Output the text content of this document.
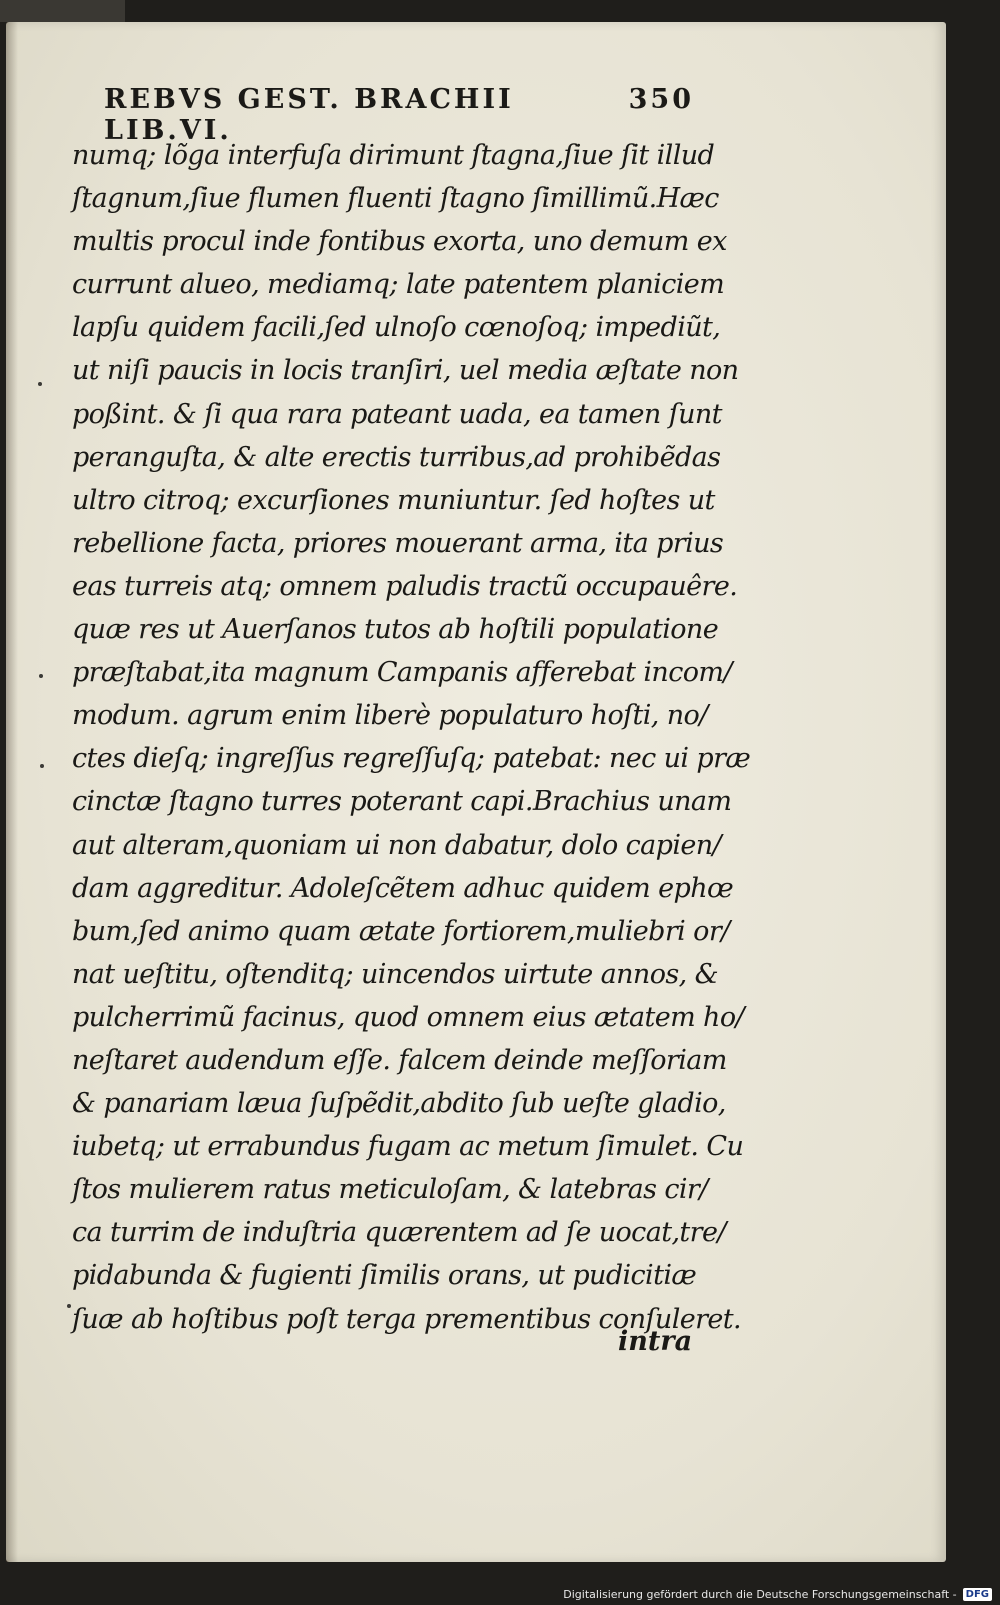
REBVS GEST. BRACHII LIB.VI.
350
numq; lõga interfuſa dirimunt ſtagna,ſiue ſit illud
ſtagnum,ſiue flumen fluenti ſtagno ſimillimũ.Hæc
multis procul inde fontibus exorta, uno demum ex
currunt alueo, mediamq; late patentem planiciem
lapſu quidem facili,ſed ulnoſo cœnoſoq; impediũt,
ut niſi paucis in locis tranſiri, uel media æſtate non
poßint. & ſi qua rara pateant uada, ea tamen ſunt
peranguſta, & alte erectis turribus,ad prohibẽdas
ultro citroq; excurſiones muniuntur. ſed hoſtes ut
rebellione facta, priores mouerant arma, ita prius
eas turreis atq; omnem paludis tractũ occupauêre.
quæ res ut Auerſanos tutos ab hoſtili populatione
præſtabat,ita magnum Campanis afferebat incom/
modum. agrum enim liberè populaturo hoſti, no/
ctes dieſq; ingreſſus regreſſuſq; patebat: nec ui præ
cinctæ ſtagno turres poterant capi.Brachius unam
aut alteram,quoniam ui non dabatur, dolo capien/
dam aggreditur. Adoleſcẽtem adhuc quidem ephœ
bum,ſed animo quam ætate fortiorem,muliebri or/
nat ueſtitu, oſtenditq; uincendos uirtute annos, &
pulcherrimũ facinus, quod omnem eius ætatem ho/
neſtaret audendum eſſe. falcem deinde meſſoriam
& panariam læua ſuſpẽdit,abdito ſub ueſte gladio,
iubetq; ut errabundus fugam ac metum ſimulet. Cu
ſtos mulierem ratus meticuloſam, & latebras cir/
ca turrim de induſtria quærentem ad ſe uocat,tre/
pidabunda & fugienti ſimilis orans, ut pudicitiæ
ſuæ ab hoſtibus poſt terga prementibus conſuleret.
intra
Digitalisierung gefördert durch die Deutsche Forschungsgemeinschaft - DFG
